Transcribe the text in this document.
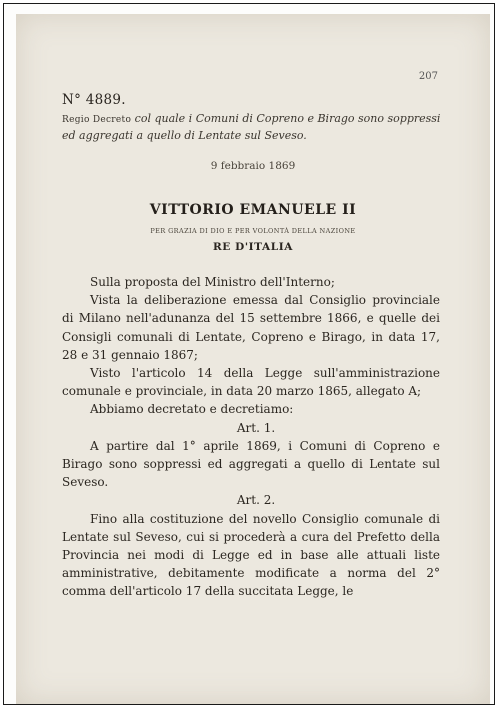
207
N° 4889.
Regio Decreto col quale i Comuni di Copreno e Birago sono soppressi ed aggregati a quello di Lentate sul Seveso.
9 febbraio 1869
VITTORIO EMANUELE II
PER GRAZIA DI DIO E PER VOLONTÀ DELLA NAZIONE
RE D'ITALIA

Sulla proposta del Ministro dell'Interno;

Vista la deliberazione emessa dal Consiglio provinciale di Milano nell'adunanza del 15 settembre 1866, e quelle dei Consigli comunali di Lentate, Copreno e Birago, in data 17, 28 e 31 gennaio 1867;

Visto l'articolo 14 della Legge sull'amministrazione comunale e provinciale, in data 20 marzo 1865, allegato A;

Abbiamo decretato e decretiamo:

Art. 1.

A partire dal 1° aprile 1869, i Comuni di Copreno e Birago sono soppressi ed aggregati a quello di Lentate sul Seveso.

Art. 2.

Fino alla costituzione del novello Consiglio comunale di Lentate sul Seveso, cui si procederà a cura del Prefetto della Provincia nei modi di Legge ed in base alle attuali liste amministrative, debitamente modificate a norma del 2° comma dell'articolo 17 della succitata Legge, le
